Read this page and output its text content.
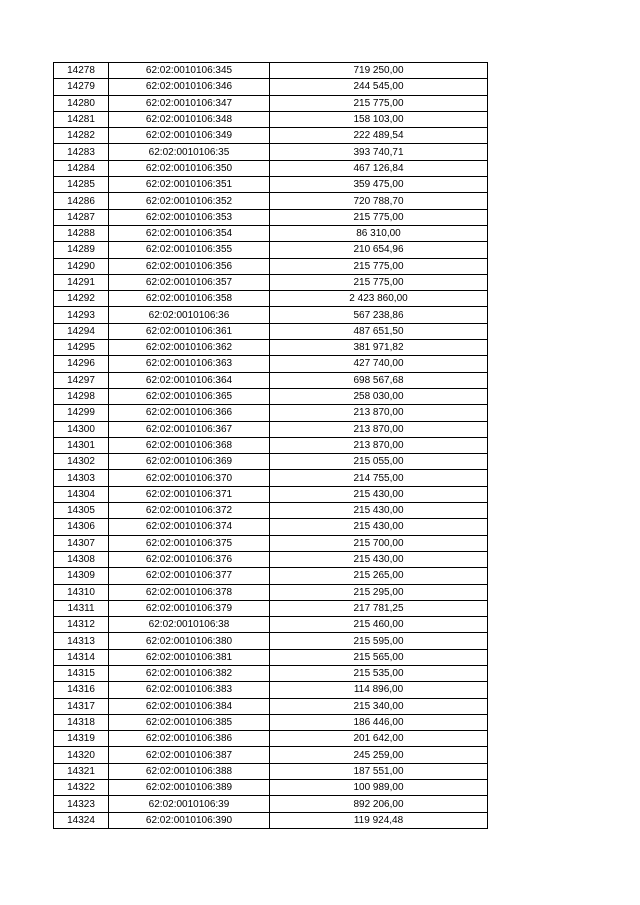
14278	62:02:0010106:345	719 250,00
14279	62:02:0010106:346	244 545,00
14280	62:02:0010106:347	215 775,00
14281	62:02:0010106:348	158 103,00
14282	62:02:0010106:349	222 489,54
14283	62:02:0010106:35	393 740,71
14284	62:02:0010106:350	467 126,84
14285	62:02:0010106:351	359 475,00
14286	62:02:0010106:352	720 788,70
14287	62:02:0010106:353	215 775,00
14288	62:02:0010106:354	86 310,00
14289	62:02:0010106:355	210 654,96
14290	62:02:0010106:356	215 775,00
14291	62:02:0010106:357	215 775,00
14292	62:02:0010106:358	2 423 860,00
14293	62:02:0010106:36	567 238,86
14294	62:02:0010106:361	487 651,50
14295	62:02:0010106:362	381 971,82
14296	62:02:0010106:363	427 740,00
14297	62:02:0010106:364	698 567,68
14298	62:02:0010106:365	258 030,00
14299	62:02:0010106:366	213 870,00
14300	62:02:0010106:367	213 870,00
14301	62:02:0010106:368	213 870,00
14302	62:02:0010106:369	215 055,00
14303	62:02:0010106:370	214 755,00
14304	62:02:0010106:371	215 430,00
14305	62:02:0010106:372	215 430,00
14306	62:02:0010106:374	215 430,00
14307	62:02:0010106:375	215 700,00
14308	62:02:0010106:376	215 430,00
14309	62:02:0010106:377	215 265,00
14310	62:02:0010106:378	215 295,00
14311	62:02:0010106:379	217 781,25
14312	62:02:0010106:38	215 460,00
14313	62:02:0010106:380	215 595,00
14314	62:02:0010106:381	215 565,00
14315	62:02:0010106:382	215 535,00
14316	62:02:0010106:383	114 896,00
14317	62:02:0010106:384	215 340,00
14318	62:02:0010106:385	186 446,00
14319	62:02:0010106:386	201 642,00
14320	62:02:0010106:387	245 259,00
14321	62:02:0010106:388	187 551,00
14322	62:02:0010106:389	100 989,00
14323	62:02:0010106:39	892 206,00
14324	62:02:0010106:390	119 924,48
